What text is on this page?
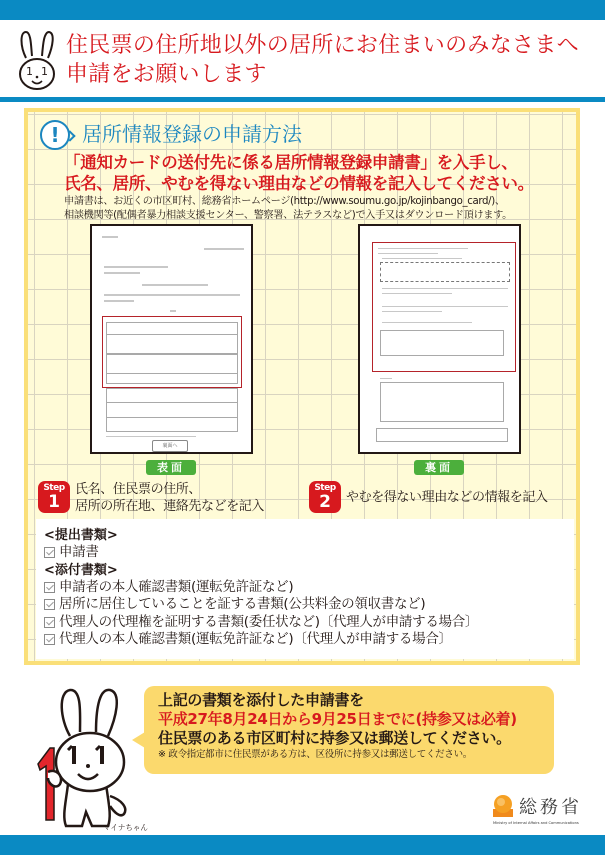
1 1
住民票の住所地以外の居所にお住まいのみなさまへ
申請をお願いします
!	居所情報登録の申請方法
「通知カードの送付先に係る居所情報登録申請書」を入手し、
氏名、居所、やむを得ない理由などの情報を記入してください。
申請書は、お近くの市区町村、総務省ホームページ(http://www.soumu.go.jp/kojinbango_card/)、
相談機関等(配偶者暴力相談支援センター、警察署、法テラスなど)で入手又はダウンロード頂けます。
裏面へ
表面	裏面
Step
1
氏名、住民票の住所、
居所の所在地、連絡先などを記入
Step
2	やむを得ない理由などの情報を記入
<提出書類>
申請書
<添付書類>
申請者の本人確認書類(運転免許証など)
居所に居住していることを証する書類(公共料金の領収書など)
代理人の代理権を証明する書類(委任状など)〔代理人が申請する場合〕
代理人の本人確認書類(運転免許証など)〔代理人が申請する場合〕
マイナちゃん
上記の書類を添付した申請書を
平成27年8月24日から9月25日までに(持参又は必着)
住民票のある市区町村に持参又は郵送してください。
※ 政令指定都市に住民票がある方は、区役所に持参又は郵送してください。
総務省
Ministry of Internal Affairs and Communications
